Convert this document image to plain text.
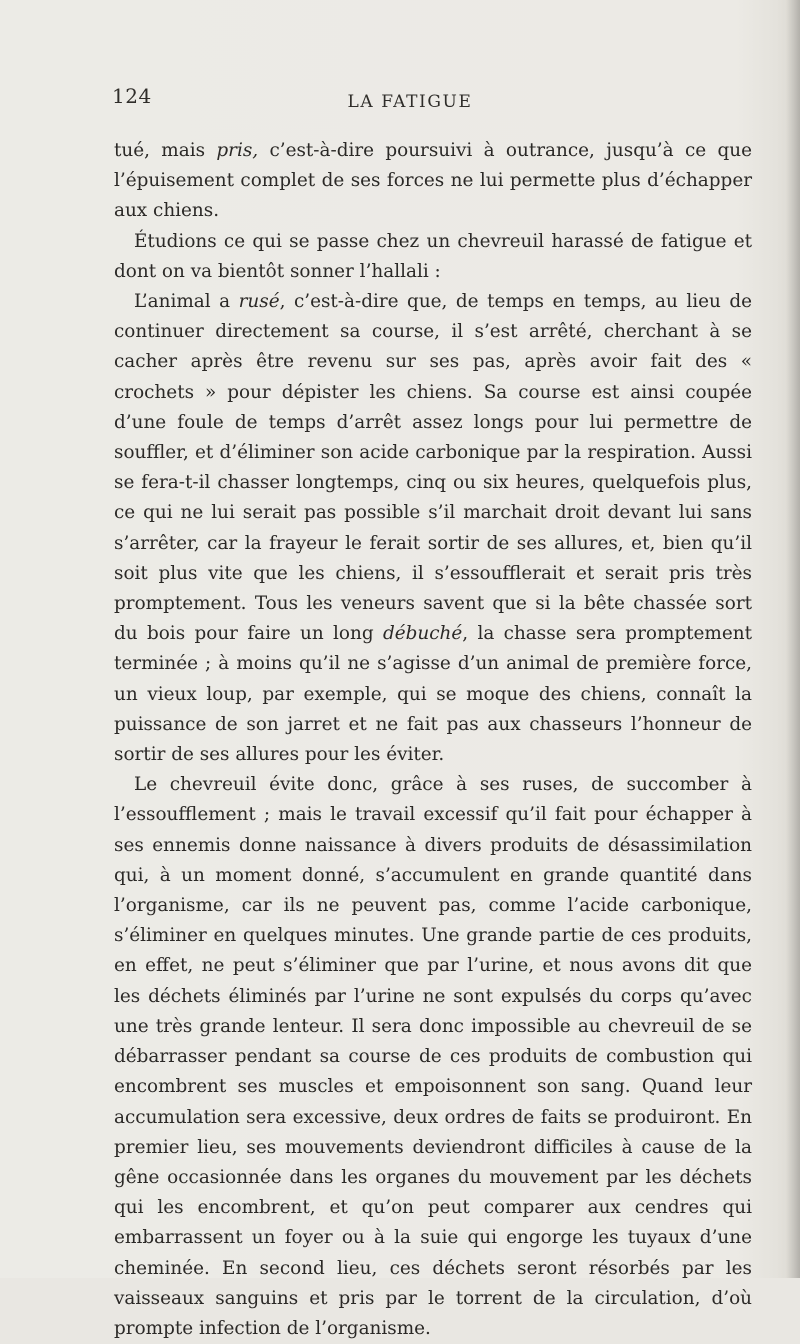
124	LA FATIGUE

tué, mais pris, c’est-à-dire poursuivi à outrance, jusqu’à ce que l’épuisement complet de ses forces ne lui permette plus d’échapper aux chiens.

Étudions ce qui se passe chez un chevreuil harassé de fatigue et dont on va bientôt sonner l’hallali :

L’animal a rusé, c’est-à-dire que, de temps en temps, au lieu de continuer directement sa course, il s’est arrêté, cherchant à se cacher après être revenu sur ses pas, après avoir fait des « crochets » pour dépister les chiens. Sa course est ainsi coupée d’une foule de temps d’arrêt assez longs pour lui permettre de souffler, et d’éliminer son acide carbonique par la respiration. Aussi se fera-t-il chasser longtemps, cinq ou six heures, quelquefois plus, ce qui ne lui serait pas possible s’il marchait droit devant lui sans s’arrêter, car la frayeur le ferait sortir de ses allures, et, bien qu’il soit plus vite que les chiens, il s’essoufflerait et serait pris très promptement. Tous les veneurs savent que si la bête chassée sort du bois pour faire un long débuché, la chasse sera promptement terminée ; à moins qu’il ne s’agisse d’un animal de première force, un vieux loup, par exemple, qui se moque des chiens, connaît la puissance de son jarret et ne fait pas aux chasseurs l’honneur de sortir de ses allures pour les éviter.

Le chevreuil évite donc, grâce à ses ruses, de succomber à l’essoufflement ; mais le travail excessif qu’il fait pour échapper à ses ennemis donne naissance à divers produits de désassimilation qui, à un moment donné, s’accumulent en grande quantité dans l’organisme, car ils ne peuvent pas, comme l’acide carbonique, s’éliminer en quelques minutes. Une grande partie de ces produits, en effet, ne peut s’éliminer que par l’urine, et nous avons dit que les déchets éliminés par l’urine ne sont expulsés du corps qu’avec une très grande lenteur. Il sera donc impossible au chevreuil de se débarrasser pendant sa course de ces produits de combustion qui encombrent ses muscles et empoisonnent son sang. Quand leur accumulation sera excessive, deux ordres de faits se produiront. En premier lieu, ses mouvements deviendront difficiles à cause de la gêne occasionnée dans les organes du mouvement par les déchets qui les encombrent, et qu’on peut comparer aux cendres qui embarrassent un foyer ou à la suie qui engorge les tuyaux d’une cheminée. En second lieu, ces déchets seront résorbés par les vaisseaux sanguins et pris par le torrent de la circulation, d’où prompte infection de l’organisme.
